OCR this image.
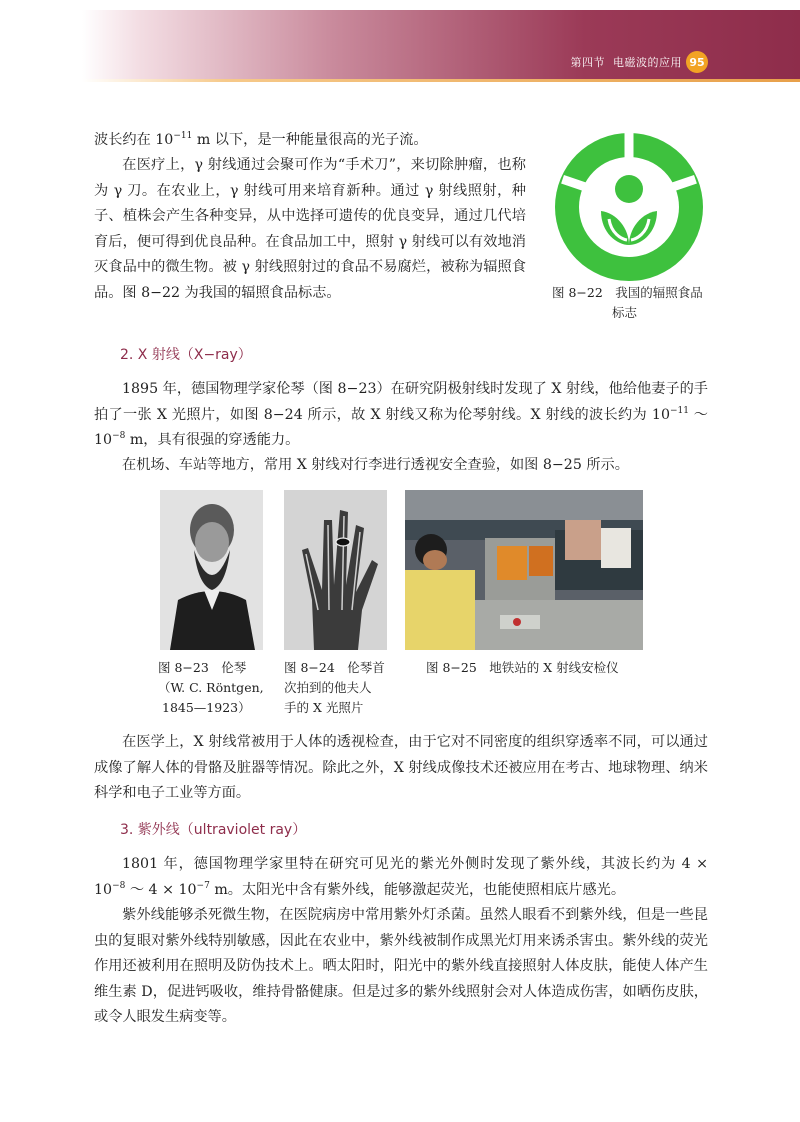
第四节 电磁波的应用 95
波长约在 $10^{-11}$ m 以下，是一种能量很高的光子流。
在医疗上，γ 射线通过会聚可作为“手术刀”，来切除肿瘤，也称为 γ 刀。在农业上，γ 射线可用来培育新种。通过 γ 射线照射，种子、植株会产生各种变异，从中选择可遗传的优良变异，通过几代培育后，便可得到优良品种。在食品加工中，照射 γ 射线可以有效地消灭食品中的微生物。被 γ 射线照射过的食品不易腐烂，被称为辐照食品。图 8−22 为我国的辐照食品标志。	图 8−22　我国的辐照食品
标志
2. X 射线（X−ray）
1895 年，德国物理学家伦琴（图 8−23）在研究阴极射线时发现了 X 射线，他给他妻子的手拍了一张 X 光照片，如图 8−24 所示，故 X 射线又称为伦琴射线。X 射线的波长约为 $10^{-11}$ ～ $10^{-8}$ m，具有很强的穿透能力。
在机场、车站等地方，常用 X 射线对行李进行透视安全查验，如图 8−25 所示。
图 8−23　伦琴
（W. C. Röntgen,
1845—1923）
图 8−24　伦琴首
次拍到的他夫人
手的 X 光照片
图 8−25　地铁站的 X 射线安检仪
在医学上，X 射线常被用于人体的透视检查，由于它对不同密度的组织穿透率不同，可以通过成像了解人体的骨骼及脏器等情况。除此之外，X 射线成像技术还被应用在考古、地球物理、纳米科学和电子工业等方面。
3. 紫外线（ultraviolet ray）
1801 年，德国物理学家里特在研究可见光的紫光外侧时发现了紫外线，其波长约为 $4 \times 10^{-8}$ ～ $4 \times 10^{-7}$ m。太阳光中含有紫外线，能够激起荧光，也能使照相底片感光。
紫外线能够杀死微生物，在医院病房中常用紫外灯杀菌。虽然人眼看不到紫外线，但是一些昆虫的复眼对紫外线特别敏感，因此在农业中，紫外线被制作成黑光灯用来诱杀害虫。紫外线的荧光作用还被利用在照明及防伪技术上。晒太阳时，阳光中的紫外线直接照射人体皮肤，能使人体产生维生素 D，促进钙吸收，维持骨骼健康。但是过多的紫外线照射会对人体造成伤害，如晒伤皮肤，或令人眼发生病变等。
